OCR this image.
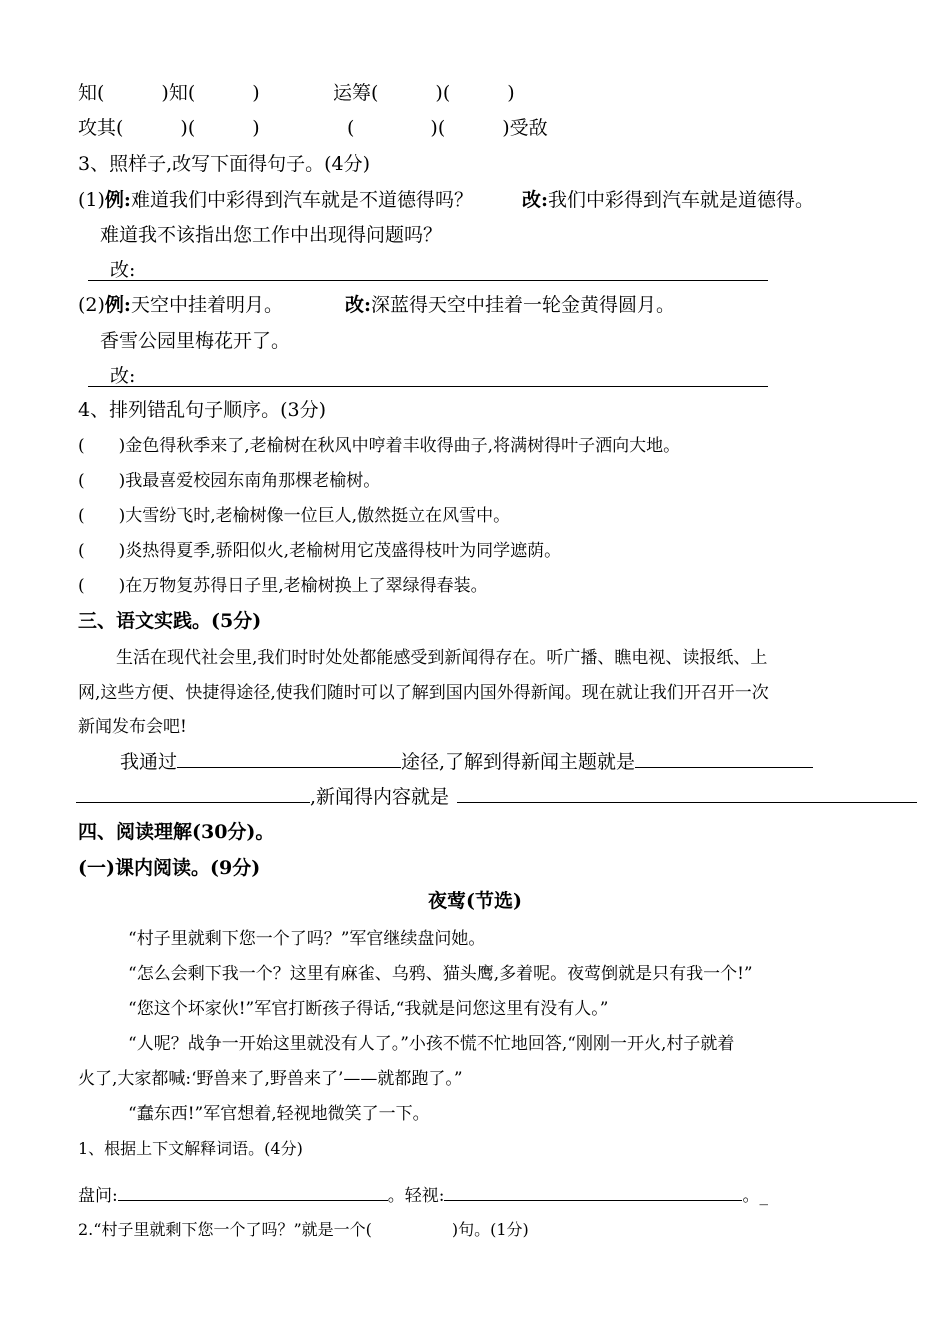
知(　　　)知(　　　)	运筹(　　　)(　　　)
攻其(　　　)(　　　)	(　　　　)(　　　)受敌
3、照样子,改写下面得句子。(4分)
(1)例:难道我们中彩得到汽车就是不道德得吗？	改:我们中彩得到汽车就是道德得。
难道我不该指出您工作中出现得问题吗？
改:
(2)例:天空中挂着明月。	改:深蓝得天空中挂着一轮金黄得圆月。
香雪公园里梅花开了。
改:
4、排列错乱句子顺序。(3分)
(　　)金色得秋季来了,老榆树在秋风中哼着丰收得曲子,将满树得叶子洒向大地。
(　　)我最喜爱校园东南角那棵老榆树。
(　　)大雪纷飞时,老榆树像一位巨人,傲然挺立在风雪中。
(　　)炎热得夏季,骄阳似火,老榆树用它茂盛得枝叶为同学遮荫。
(　　)在万物复苏得日子里,老榆树换上了翠绿得春装。
三、语文实践。(5分)
生活在现代社会里,我们时时处处都能感受到新闻得存在。听广播、瞧电视、读报纸、上
网,这些方便、快捷得途径,使我们随时可以了解到国内国外得新闻。现在就让我们开召开一次
新闻发布会吧!
我通过	途径,了解到得新闻主题就是
,新闻得内容就是
四、阅读理解(30分)。
(一)课内阅读。(9分)
夜莺(节选)
“村子里就剩下您一个了吗？”军官继续盘问她。
“怎么会剩下我一个？这里有麻雀、乌鸦、猫头鹰,多着呢。夜莺倒就是只有我一个!”
“您这个坏家伙!”军官打断孩子得话,“我就是问您这里有没有人。”
“人呢？战争一开始这里就没有人了。”小孩不慌不忙地回答,“刚刚一开火,村子就着
火了,大家都喊:‘野兽来了,野兽来了’——就都跑了。”
“蠢东西!”军官想着,轻视地微笑了一下。
1、根据上下文解释词语。(4分)
盘问:	。轻视:	。_
2.“村子里就剩下您一个了吗？”就是一个(　　　　　)句。(1分)
